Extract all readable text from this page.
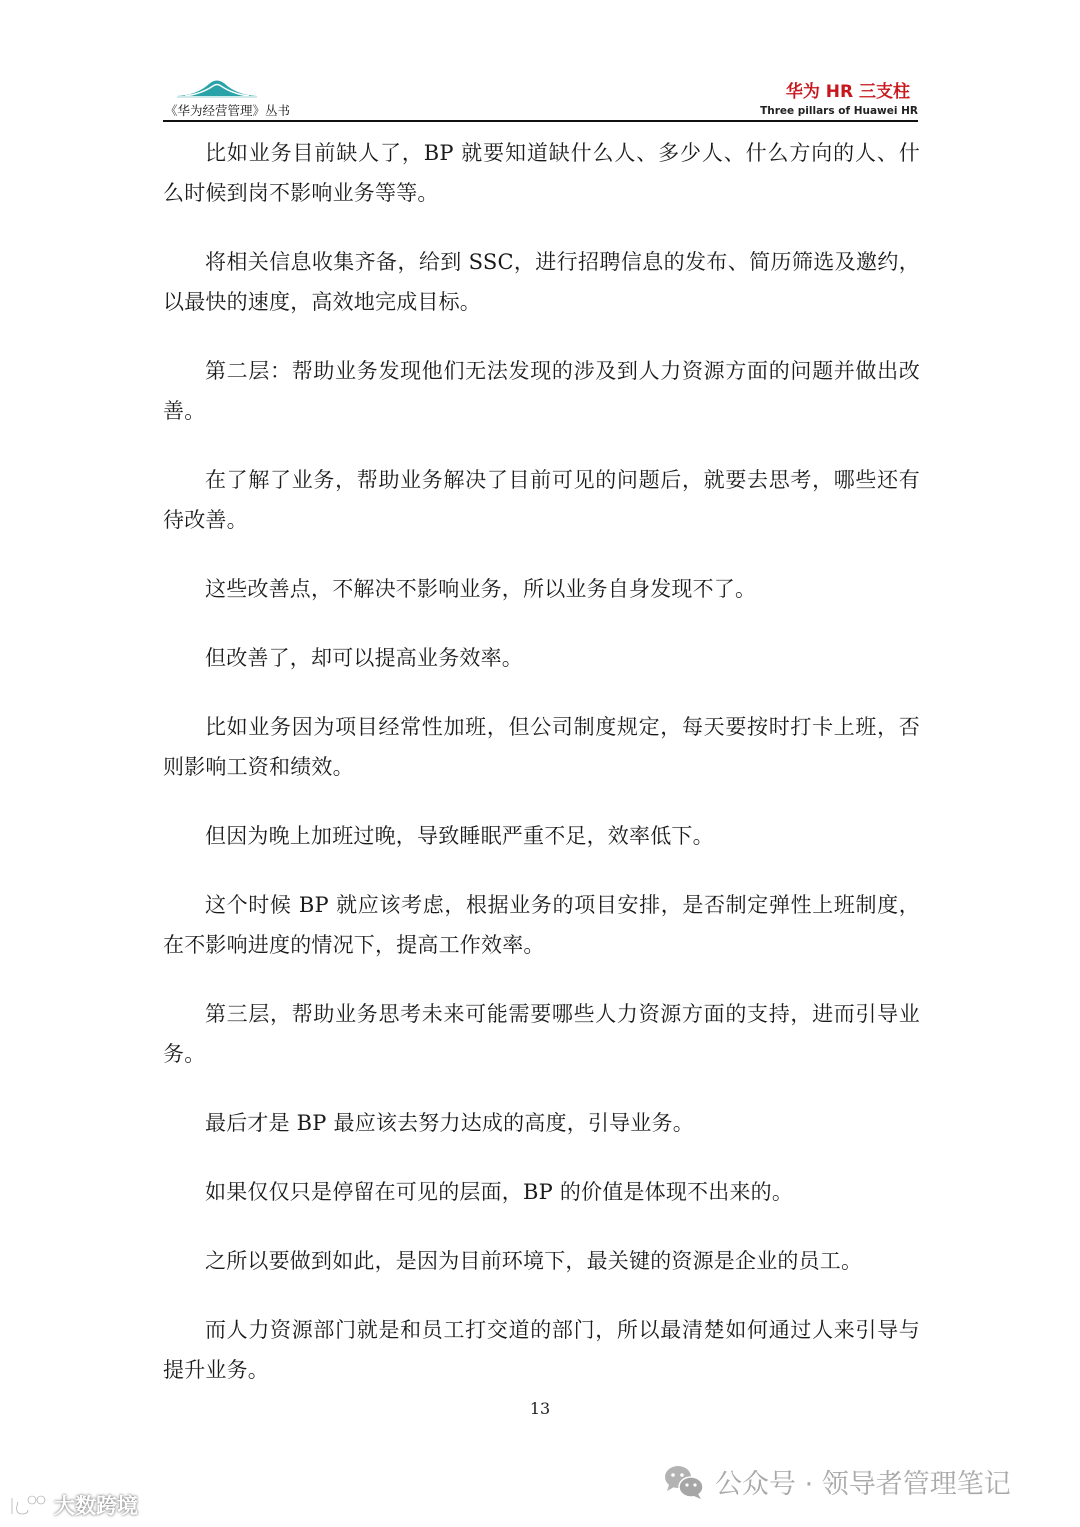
《华为经营管理》丛书
华为 HR 三支柱
Three pillars of Huawei HR

比如业务目前缺人了，BP 就要知道缺什么人、多少人、什么方向的人、什么时候到岗不影响业务等等。

将相关信息收集齐备，给到 SSC，进行招聘信息的发布、简历筛选及邀约，以最快的速度，高效地完成目标。

第二层：帮助业务发现他们无法发现的涉及到人力资源方面的问题并做出改善。

在了解了业务，帮助业务解决了目前可见的问题后，就要去思考，哪些还有待改善。

这些改善点，不解决不影响业务，所以业务自身发现不了。

但改善了，却可以提高业务效率。

比如业务因为项目经常性加班，但公司制度规定，每天要按时打卡上班，否则影响工资和绩效。

但因为晚上加班过晚，导致睡眠严重不足，效率低下。

这个时候 BP 就应该考虑，根据业务的项目安排，是否制定弹性上班制度，在不影响进度的情况下，提高工作效率。

第三层，帮助业务思考未来可能需要哪些人力资源方面的支持，进而引导业务。

最后才是 BP 最应该去努力达成的高度，引导业务。

如果仅仅只是停留在可见的层面，BP 的价值是体现不出来的。

之所以要做到如此，是因为目前环境下，最关键的资源是企业的员工。

而人力资源部门就是和员工打交道的部门，所以最清楚如何通过人来引导与提升业务。

13
大数跨境
公众号 · 领导者管理笔记
